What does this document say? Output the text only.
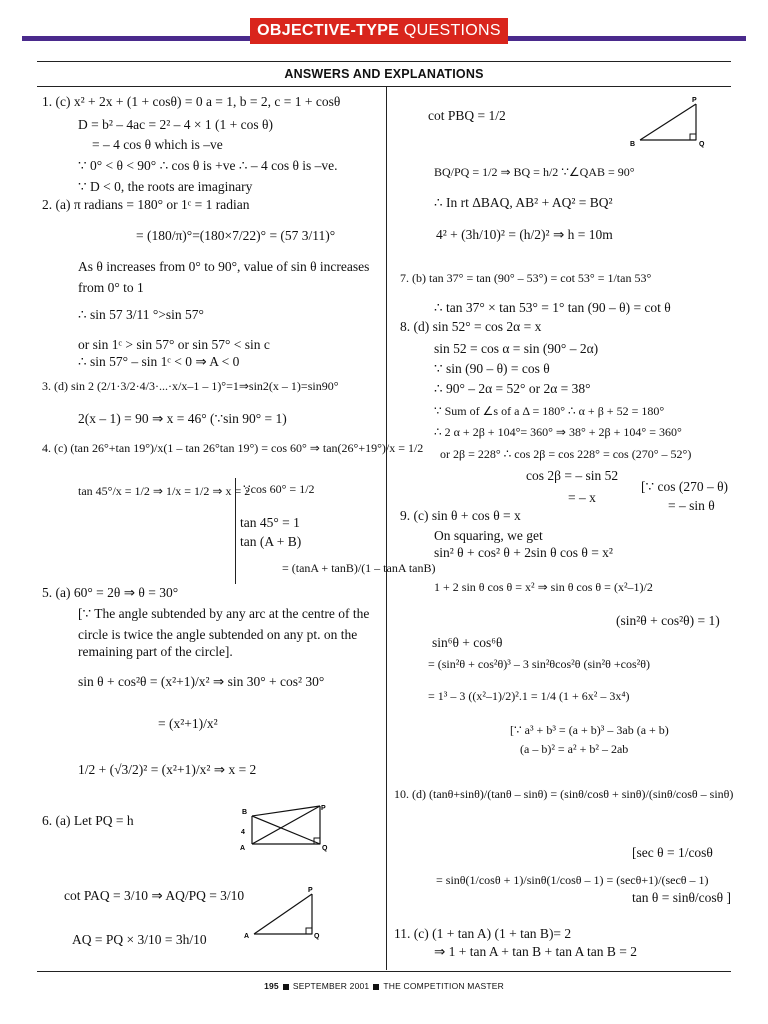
OBJECTIVE-TYPE QUESTIONS
ANSWERS AND EXPLANATIONS
1. (c) x² + 2x + (1 + cosθ) = 0 a = 1, b = 2, c = 1 + cosθ
D = b² – 4ac = 2² – 4 × 1 (1 + cos θ)
= – 4 cos θ which is –ve
∵ 0° < θ < 90° ∴ cos θ is +ve ∴ – 4 cos θ is –ve.
∵ D < 0, the roots are imaginary
2. (a) π radians = 180° or 1ᶜ = 1 radian
= (180/π)°=(180×7/22)° = (57 3/11)°
As θ increases from 0° to 90°, value of sin θ increases
from 0° to 1
∴ sin 57 3/11 °>sin 57°
or sin 1ᶜ > sin 57° or sin 57° < sin c
∴ sin 57° – sin 1ᶜ < 0 ⇒ A < 0
3. (d) sin 2 (2/1·3/2·4/3·...·x/x–1 – 1)°=1⇒sin2(x – 1)=sin90°
2(x – 1) = 90 ⇒ x = 46° (∵sin 90° = 1)
4. (c) (tan 26°+tan 19°)/x(1 – tan 26°tan 19°) = cos 60° ⇒ tan(26°+19°)/x = 1/2
tan 45°/x = 1/2 ⇒ 1/x = 1/2 ⇒ x = 2
∵cos 60° = 1/2
tan 45° = 1
tan (A + B)
= (tanA + tanB)/(1 – tanA tanB)
5. (a) 60° = 2θ ⇒ θ = 30°
[∵ The angle subtended by any arc at the centre of the
circle is twice the angle subtended on any pt. on the
remaining part of the circle].
sin θ + cos²θ = (x²+1)/x² ⇒ sin 30° + cos² 30°
= (x²+1)/x²
1/2 + (√3/2)² = (x²+1)/x² ⇒ x = 2
6. (a) Let PQ = h
cot PAQ = 3/10 ⇒ AQ/PQ = 3/10
AQ = PQ × 3/10 = 3h/10
B
P
4
A	Q
P
A	Q
cot PBQ = 1/2
P
B	Q
BQ/PQ = 1/2 ⇒ BQ = h/2 ∵∠QAB = 90°
∴ In rt ΔBAQ, AB² + AQ² = BQ²
4² + (3h/10)² = (h/2)² ⇒ h = 10m
7. (b) tan 37° = tan (90° – 53°) = cot 53° = 1/tan 53°
∴ tan 37° × tan 53° = 1° tan (90 – θ) = cot θ
8. (d) sin 52° = cos 2α = x
sin 52 = cos α = sin (90° – 2α)
∵ sin (90 – θ) = cos θ
∴ 90° – 2α = 52° or 2α = 38°
∵ Sum of ∠s of a Δ = 180° ∴ α + β + 52 = 180°
∴ 2 α + 2β + 104°= 360° ⇒ 38° + 2β + 104° = 360°
or 2β = 228° ∴ cos 2β = cos 228° = cos (270° – 52°)
cos 2β = – sin 52
[∵ cos (270 – θ)
= – x
= – sin θ
9. (c) sin θ + cos θ = x
On squaring, we get
sin² θ + cos² θ + 2sin θ cos θ = x²
1 + 2 sin θ cos θ = x² ⇒ sin θ cos θ = (x²–1)/2
(sin²θ + cos²θ) = 1)
sin⁶θ + cos⁶θ
= (sin²θ + cos²θ)³ – 3 sin²θcos²θ (sin²θ +cos²θ)
= 1³ – 3 ((x²–1)/2)².1 = 1/4 (1 + 6x² – 3x⁴)
[∵ a³ + b³ = (a + b)³ – 3ab (a + b)
(a – b)² = a² + b² – 2ab
10. (d) (tanθ+sinθ)/(tanθ – sinθ) = (sinθ/cosθ + sinθ)/(sinθ/cosθ – sinθ)
= sinθ(1/cosθ + 1)/sinθ(1/cosθ – 1) = (secθ+1)/(secθ – 1)
[sec θ = 1/cosθ
tan θ = sinθ/cosθ ]
11. (c) (1 + tan A) (1 + tan B)= 2
⇒ 1 + tan A + tan B + tan A tan B = 2
195 SEPTEMBER 2001 THE COMPETITION MASTER
